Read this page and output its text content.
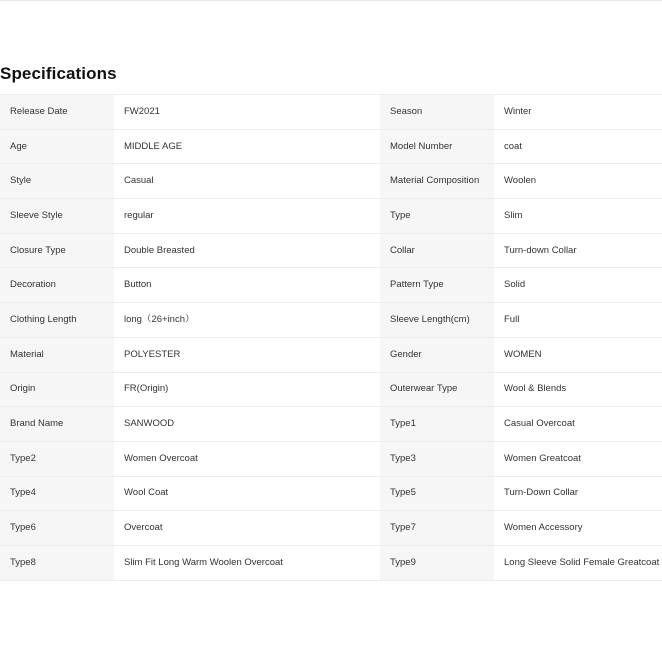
Specifications
Release Date	FW2021	Season	Winter
Age	MIDDLE AGE	Model Number	coat
Style	Casual	Material Composition	Woolen
Sleeve Style	regular	Type	Slim
Closure Type	Double Breasted	Collar	Turn-down Collar
Decoration	Button	Pattern Type	Solid
Clothing Length	long（26+inch）	Sleeve Length(cm)	Full
Material	POLYESTER	Gender	WOMEN
Origin	FR(Origin)	Outerwear Type	Wool & Blends
Brand Name	SANWOOD	Type1	Casual Overcoat
Type2	Women Overcoat	Type3	Women Greatcoat
Type4	Wool Coat	Type5	Turn-Down Collar
Type6	Overcoat	Type7	Women Accessory
Type8	Slim Fit Long Warm Woolen Overcoat	Type9	Long Sleeve Solid Female Greatcoat
